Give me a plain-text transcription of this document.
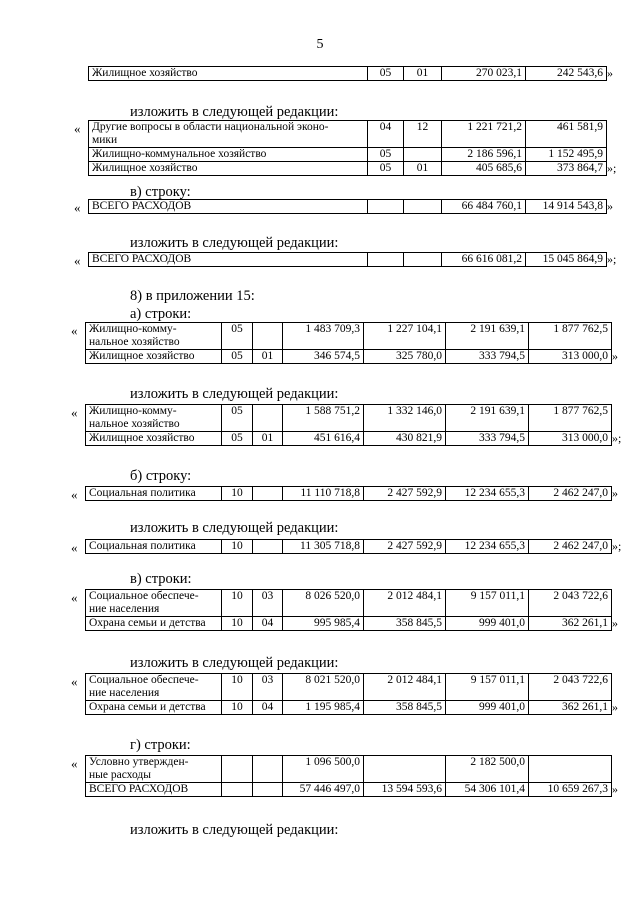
5
Жилищное хозяйство	05	01	270 023,1	242 543,6 »
изложить в следующей редакции:
« Другие вопросы в области национальной эконо-
мики	04	12	1 221 721,2	461 581,9
Жилищно-коммунальное хозяйство	05		2 186 596,1	1 152 495,9
Жилищное хозяйство	05	01	405 685,6	373 864,7 »;
в) строку:
« ВСЕГО РАСХОДОВ			66 484 760,1	14 914 543,8 »
изложить в следующей редакции:
« ВСЕГО РАСХОДОВ			66 616 081,2	15 045 864,9 »;
8) в приложении 15:
а) строки:
« Жилищно-комму-
нальное хозяйство	05		1 483 709,3	1 227 104,1	2 191 639,1	1 877 762,5
Жилищное хозяйство	05	01	346 574,5	325 780,0	333 794,5	313 000,0 »
изложить в следующей редакции:
« Жилищно-комму-
нальное хозяйство	05		1 588 751,2	1 332 146,0	2 191 639,1	1 877 762,5
Жилищное хозяйство	05	01	451 616,4	430 821,9	333 794,5	313 000,0 »;
б) строку:
« Социальная политика	10		11 110 718,8	2 427 592,9	12 234 655,3	2 462 247,0 »
изложить в следующей редакции:
« Социальная политика	10		11 305 718,8	2 427 592,9	12 234 655,3	2 462 247,0 »;
в) строки:
« Социальное обеспече-
ние населения	10	03	8 026 520,0	2 012 484,1	9 157 011,1	2 043 722,6
Охрана семьи и детства	10	04	995 985,4	358 845,5	999 401,0	362 261,1 »
изложить в следующей редакции:
« Социальное обеспече-
ние населения	10	03	8 021 520,0	2 012 484,1	9 157 011,1	2 043 722,6
Охрана семьи и детства	10	04	1 195 985,4	358 845,5	999 401,0	362 261,1 »
г) строки:
« Условно утвержден-
ные расходы			1 096 500,0		2 182 500,0	
ВСЕГО РАСХОДОВ			57 446 497,0	13 594 593,6	54 306 101,4	10 659 267,3 »
изложить в следующей редакции:
